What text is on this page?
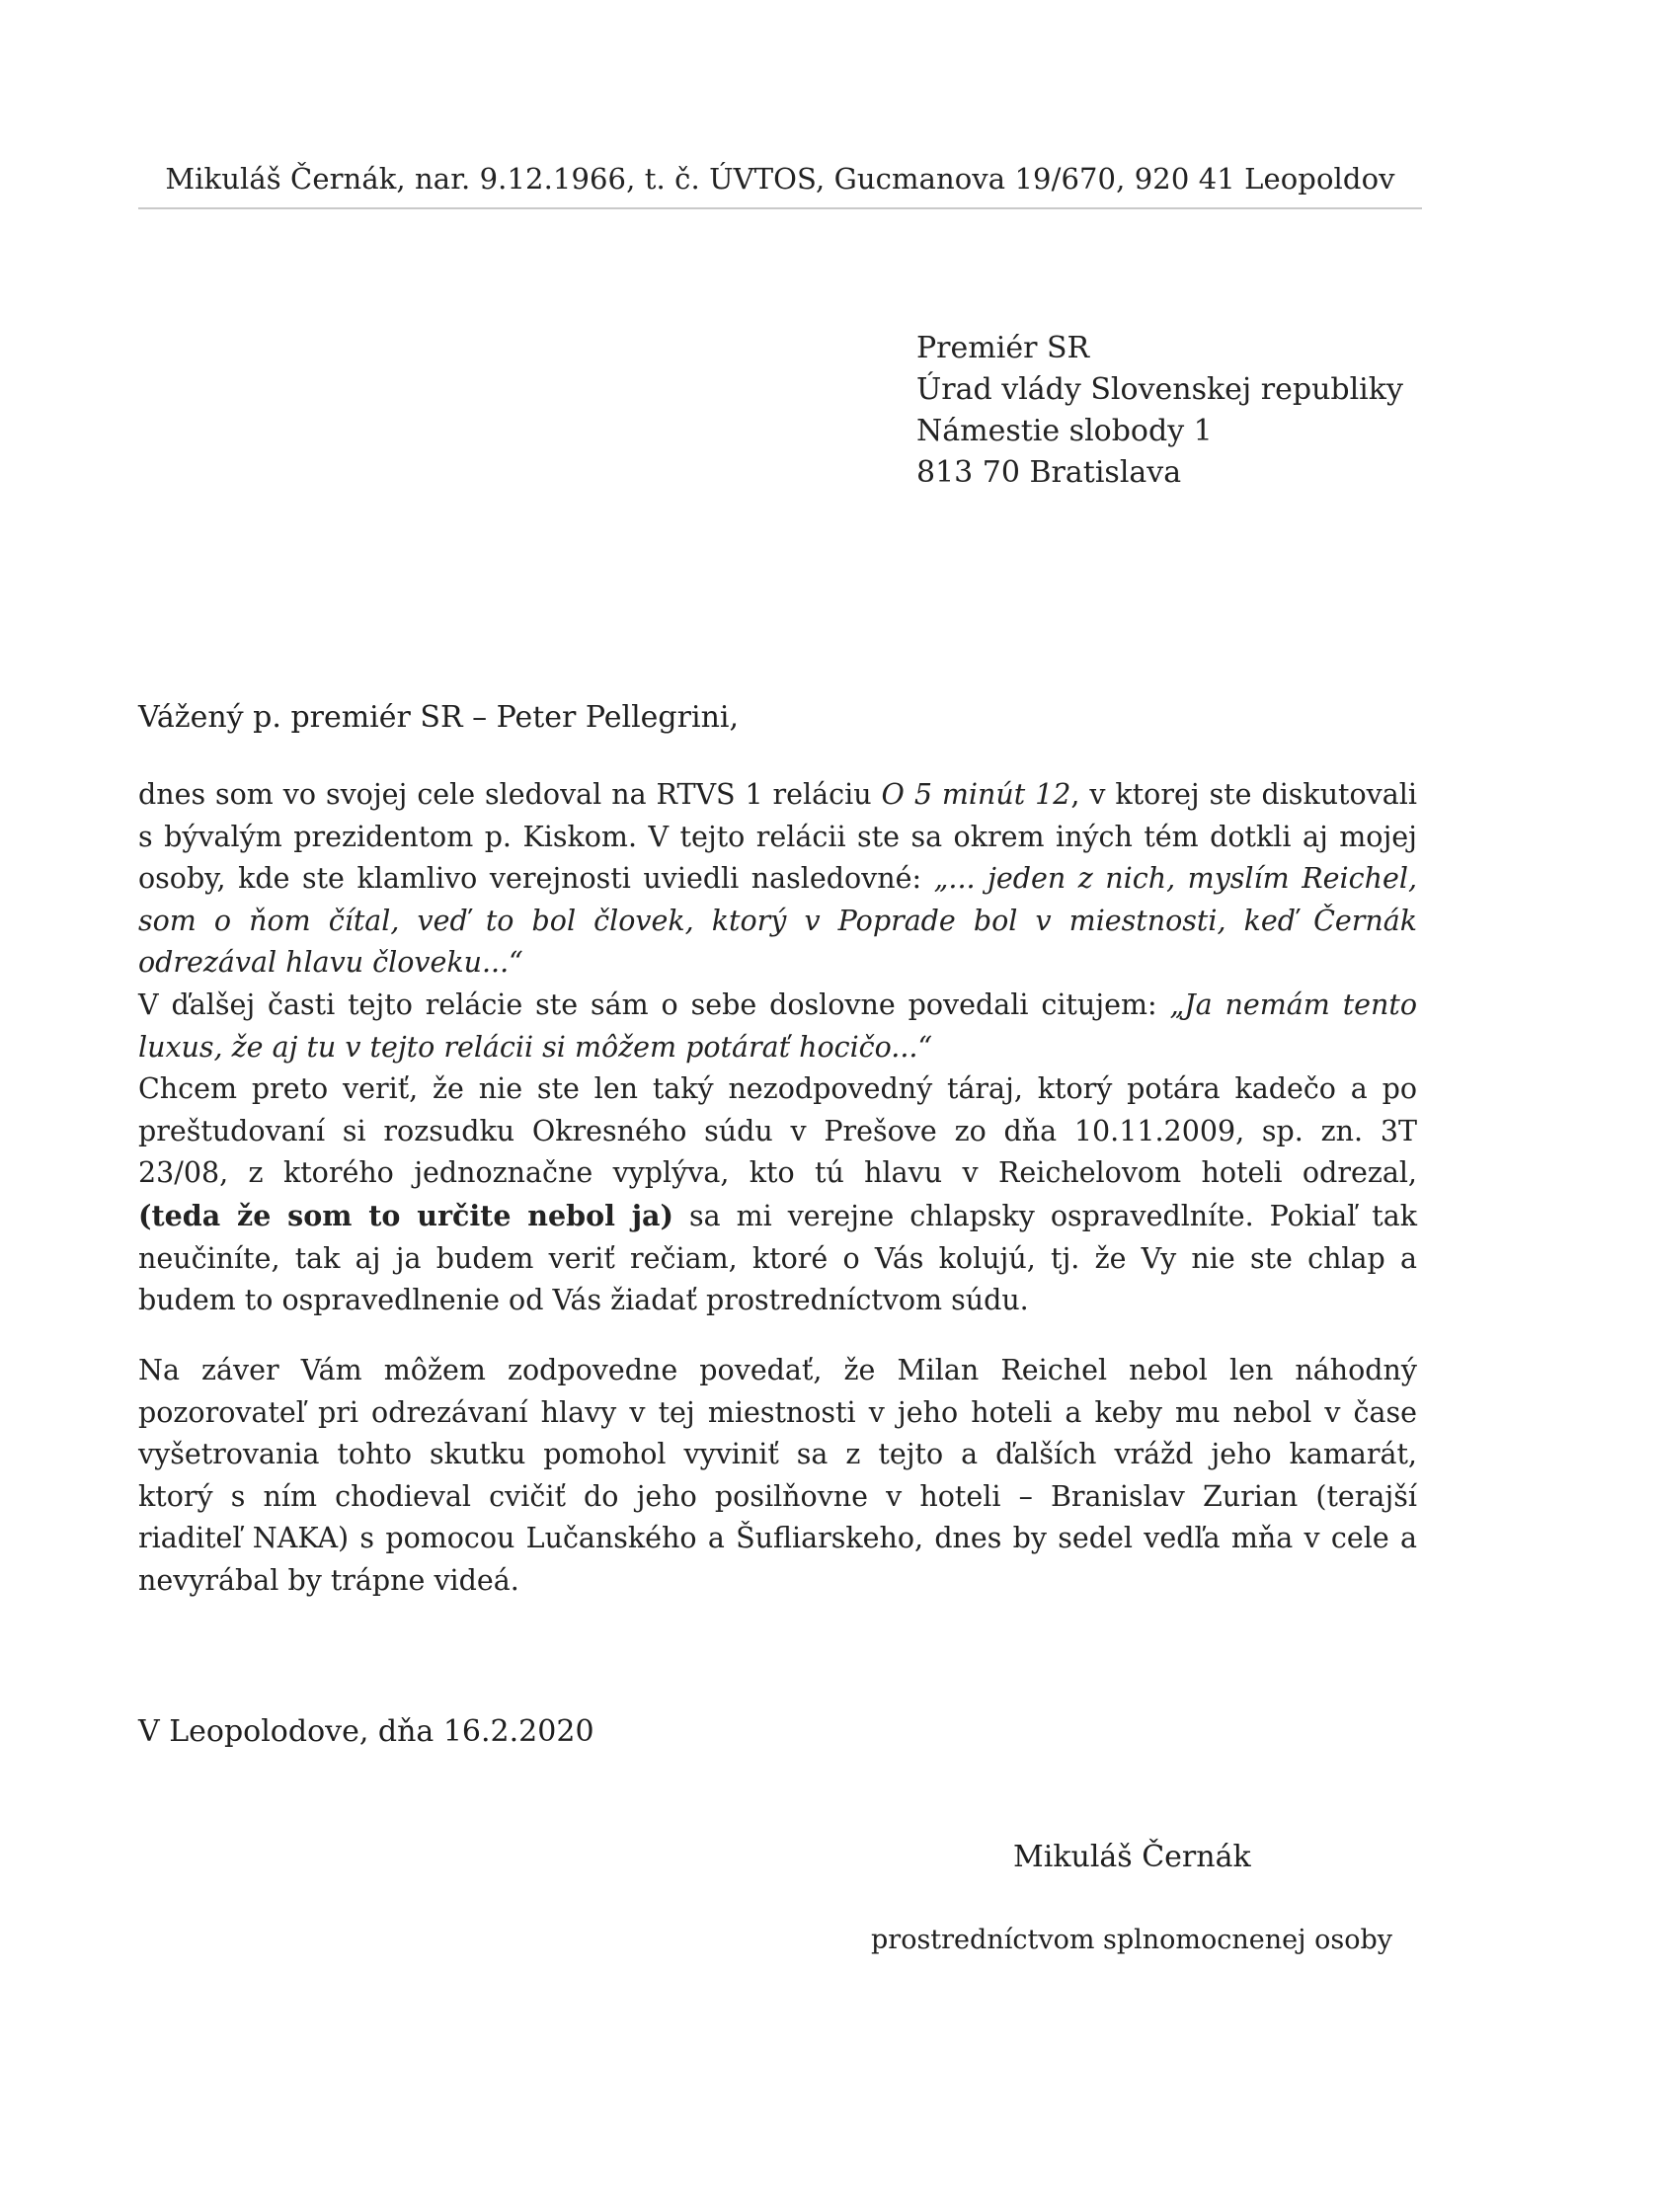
Mikuláš Černák, nar. 9.12.1966, t. č. ÚVTOS, Gucmanova 19/670, 920 41 Leopoldov
Premiér SR
Úrad vlády Slovenskej republiky
Námestie slobody 1
813 70 Bratislava
Vážený p. premiér SR – Peter Pellegrini,
dnes som vo svojej cele sledoval na RTVS 1 reláciu O 5 minút 12, v ktorej ste diskutovali
s bývalým prezidentom p. Kiskom. V tejto relácii ste sa okrem iných tém dotkli aj mojej
osoby, kde ste klamlivo verejnosti uviedli nasledovné: „... jeden z nich, myslím Reichel,
som o ňom čítal, veď to bol človek, ktorý v Poprade bol v miestnosti, keď Černák
odrezával hlavu človeku...“
V ďalšej časti tejto relácie ste sám o sebe doslovne povedali citujem: „Ja nemám tento
luxus, že aj tu v tejto relácii si môžem potárať hocičo...“
Chcem preto veriť, že nie ste len taký nezodpovedný táraj, ktorý potára kadečo a po
preštudovaní si rozsudku Okresného súdu v Prešove zo dňa 10.11.2009, sp. zn. 3T
23/08, z ktorého jednoznačne vyplýva, kto tú hlavu v Reichelovom hoteli odrezal,
(teda že som to určite nebol ja) sa mi verejne chlapsky ospravedlníte. Pokiaľ tak
neučiníte, tak aj ja budem veriť rečiam, ktoré o Vás kolujú, tj. že Vy nie ste chlap a
budem to ospravedlnenie od Vás žiadať prostredníctvom súdu.
Na záver Vám môžem zodpovedne povedať, že Milan Reichel nebol len náhodný
pozorovateľ pri odrezávaní hlavy v tej miestnosti v jeho hoteli a keby mu nebol v čase
vyšetrovania tohto skutku pomohol vyviniť sa z tejto a ďalších vrážd jeho kamarát,
ktorý s ním chodieval cvičiť do jeho posilňovne v hoteli – Branislav Zurian (terajší
riaditeľ NAKA) s pomocou Lučanského a Šufliarskeho, dnes by sedel vedľa mňa v cele a
nevyrábal by trápne videá.
V Leopolodove, dňa 16.2.2020
Mikuláš Černák
prostredníctvom splnomocnenej osoby
